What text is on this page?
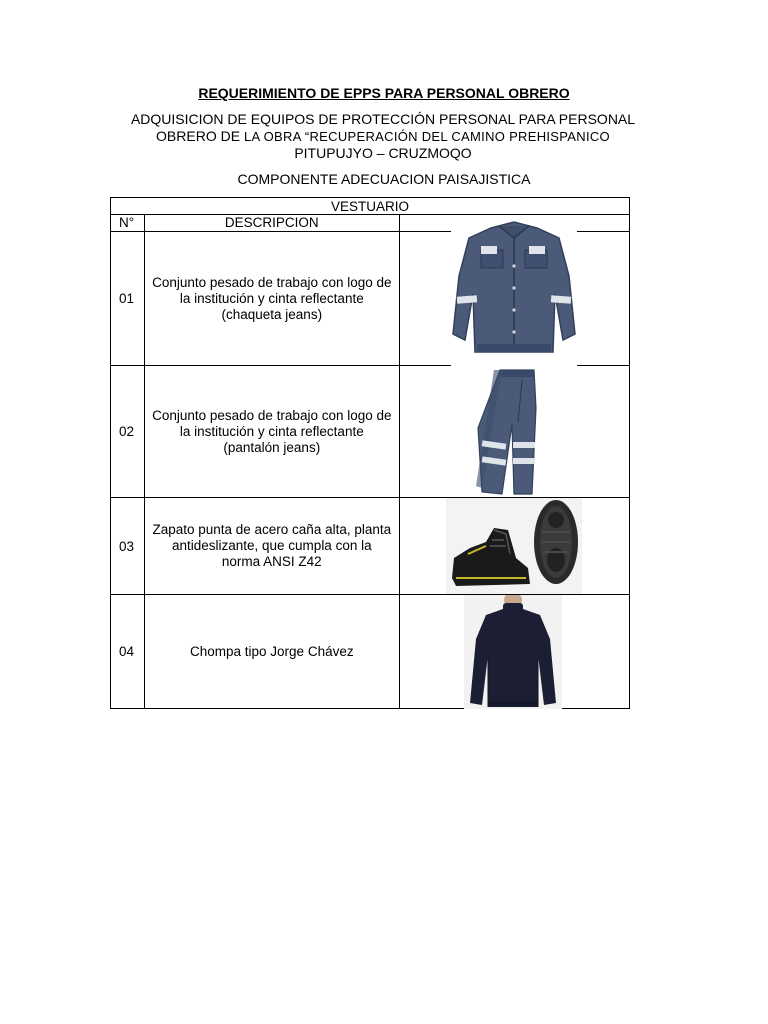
REQUERIMIENTO DE EPPS PARA PERSONAL OBRERO
ADQUISICION DE EQUIPOS DE PROTECCIÓN PERSONAL PARA PERSONAL
OBRERO DE LA OBRA “RECUPERACIÓN DEL CAMINO PREHISPANICO
PITUPUJYO – CRUZMOQO
COMPONENTE ADECUACION PAISAJISTICA
VESTUARIO		
N°	DESCRIPCION	
01	Conjunto pesado de trabajo con logo de la institución y cinta reflectante (chaqueta jeans)	

02	Conjunto pesado de trabajo con logo de la institución y cinta reflectante (pantalón jeans)	

03	Zapato punta de acero caña alta, planta antideslizante, que cumpla con la norma ANSI Z42	

04	Chompa tipo Jorge Chávez	
